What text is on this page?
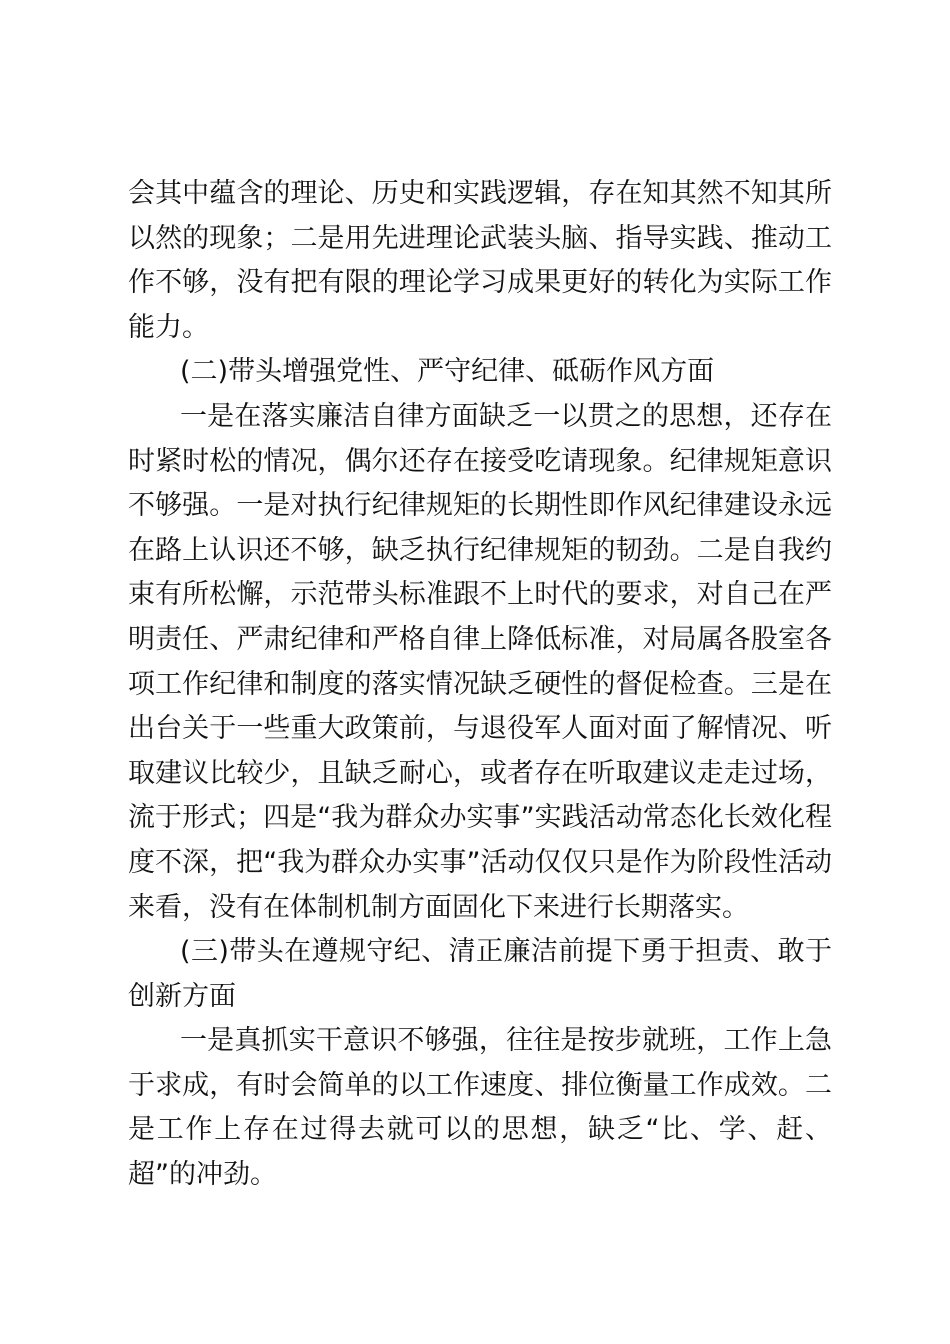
会其中蕴含的理论、历史和实践逻辑，存在知其然不知其所以然的现象；二是用先进理论武装头脑、指导实践、推动工作不够，没有把有限的理论学习成果更好的转化为实际工作能力。

(二)带头增强党性、严守纪律、砥砺作风方面

一是在落实廉洁自律方面缺乏一以贯之的思想，还存在时紧时松的情况，偶尔还存在接受吃请现象。纪律规矩意识不够强。一是对执行纪律规矩的长期性即作风纪律建设永远在路上认识还不够，缺乏执行纪律规矩的韧劲。二是自我约束有所松懈，示范带头标准跟不上时代的要求，对自己在严明责任、严肃纪律和严格自律上降低标准，对局属各股室各项工作纪律和制度的落实情况缺乏硬性的督促检查。三是在出台关于一些重大政策前，与退役军人面对面了解情况、听取建议比较少，且缺乏耐心，或者存在听取建议走走过场，流于形式；四是“我为群众办实事”实践活动常态化长效化程度不深，把“我为群众办实事”活动仅仅只是作为阶段性活动来看，没有在体制机制方面固化下来进行长期落实。

(三)带头在遵规守纪、清正廉洁前提下勇于担责、敢于创新方面

一是真抓实干意识不够强，往往是按步就班，工作上急于求成，有时会简单的以工作速度、排位衡量工作成效。二是工作上存在过得去就可以的思想，缺乏“比、学、赶、超”的冲劲。
